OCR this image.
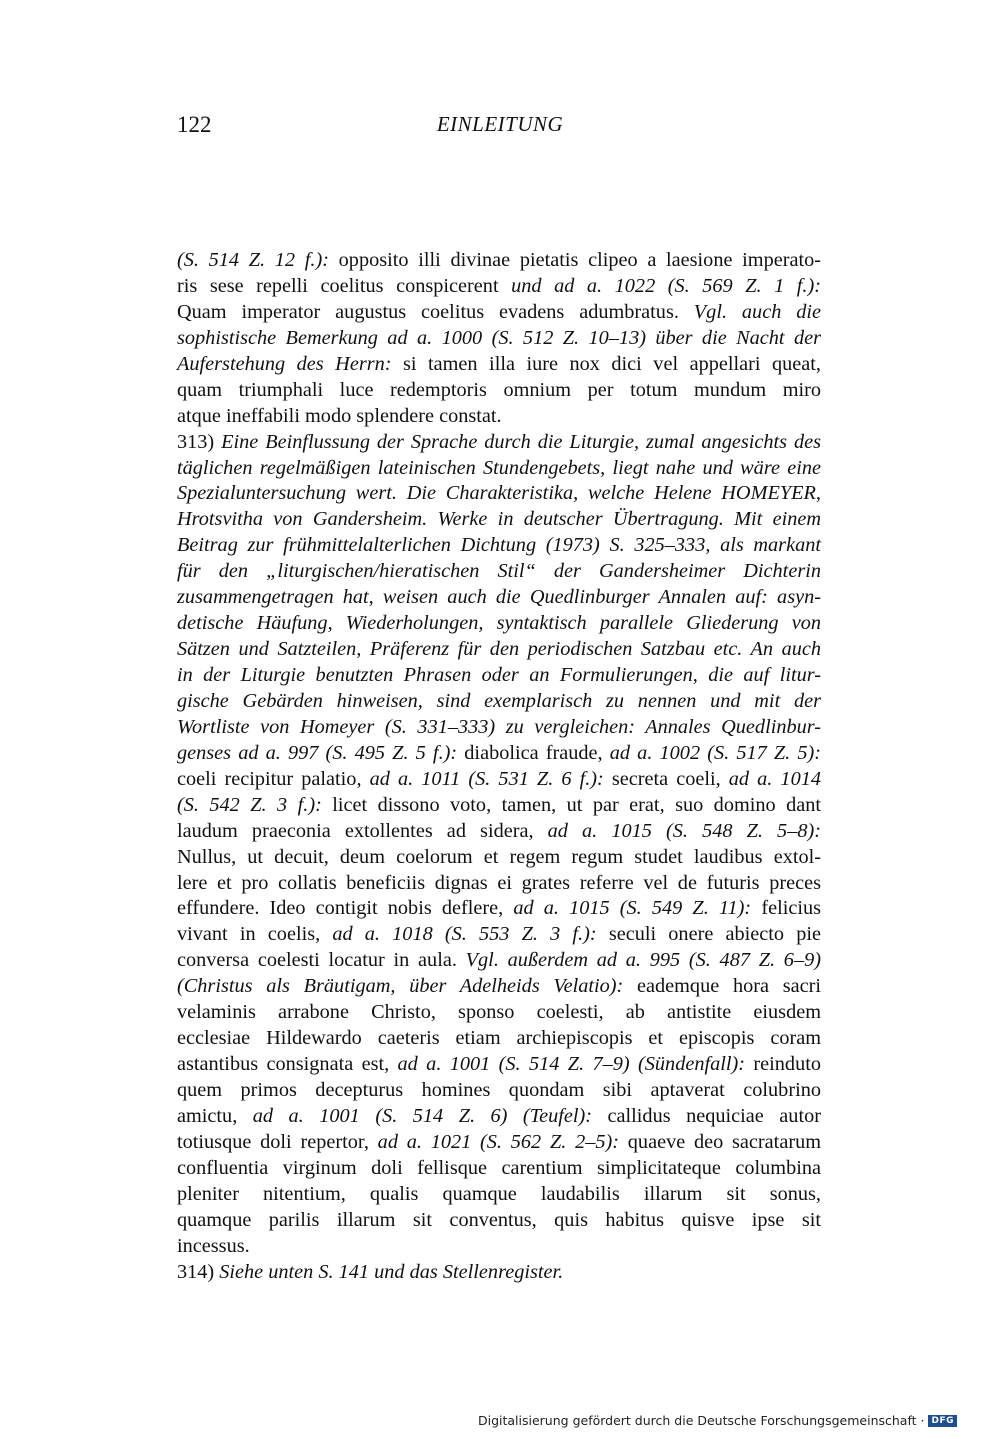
122	EINLEITUNG
(S. 514 Z. 12 f.): opposito illi divinae pietatis clipeo a laesione imperato-
ris sese repelli coelitus conspicerent und ad a. 1022 (S. 569 Z. 1 f.):
Quam imperator augustus coelitus evadens adumbratus. Vgl. auch die
sophistische Bemerkung ad a. 1000 (S. 512 Z. 10–13) über die Nacht der
Auferstehung des Herrn: si tamen illa iure nox dici vel appellari queat,
quam triumphali luce redemptoris omnium per totum mundum miro
atque ineffabili modo splendere constat.
313) Eine Beinflussung der Sprache durch die Liturgie, zumal angesichts des
täglichen regelmäßigen lateinischen Stundengebets, liegt nahe und wäre eine
Spezialuntersuchung wert. Die Charakteristika, welche Helene HOMEYER,
Hrotsvitha von Gandersheim. Werke in deutscher Übertragung. Mit einem
Beitrag zur frühmittelalterlichen Dichtung (1973) S. 325–333, als markant
für den „liturgischen/hieratischen Stil“ der Gandersheimer Dichterin
zusammengetragen hat, weisen auch die Quedlinburger Annalen auf: asyn-
detische Häufung, Wiederholungen, syntaktisch parallele Gliederung von
Sätzen und Satzteilen, Präferenz für den periodischen Satzbau etc. An auch
in der Liturgie benutzten Phrasen oder an Formulierungen, die auf litur-
gische Gebärden hinweisen, sind exemplarisch zu nennen und mit der
Wortliste von Homeyer (S. 331–333) zu vergleichen: Annales Quedlinbur-
genses ad a. 997 (S. 495 Z. 5 f.): diabolica fraude, ad a. 1002 (S. 517 Z. 5):
coeli recipitur palatio, ad a. 1011 (S. 531 Z. 6 f.): secreta coeli, ad a. 1014
(S. 542 Z. 3 f.): licet dissono voto, tamen, ut par erat, suo domino dant
laudum praeconia extollentes ad sidera, ad a. 1015 (S. 548 Z. 5–8):
Nullus, ut decuit, deum coelorum et regem regum studet laudibus extol-
lere et pro collatis beneficiis dignas ei grates referre vel de futuris preces
effundere. Ideo contigit nobis deflere, ad a. 1015 (S. 549 Z. 11): felicius
vivant in coelis, ad a. 1018 (S. 553 Z. 3 f.): seculi onere abiecto pie
conversa coelesti locatur in aula. Vgl. außerdem ad a. 995 (S. 487 Z. 6–9)
(Christus als Bräutigam, über Adelheids Velatio): eademque hora sacri
velaminis arrabone Christo, sponso coelesti, ab antistite eiusdem
ecclesiae Hildewardo caeteris etiam archiepiscopis et episcopis coram
astantibus consignata est, ad a. 1001 (S. 514 Z. 7–9) (Sündenfall): reinduto
quem primos decepturus homines quondam sibi aptaverat colubrino
amictu, ad a. 1001 (S. 514 Z. 6) (Teufel): callidus nequiciae autor
totiusque doli repertor, ad a. 1021 (S. 562 Z. 2–5): quaeve deo sacratarum
confluentia virginum doli fellisque carentium simplicitateque columbina
pleniter nitentium, qualis quamque laudabilis illarum sit sonus,
quamque parilis illarum sit conventus, quis habitus quisve ipse sit
incessus.
314) Siehe unten S. 141 und das Stellenregister.
Digitalisierung gefördert durch die Deutsche Forschungsgemeinschaft · DFG
